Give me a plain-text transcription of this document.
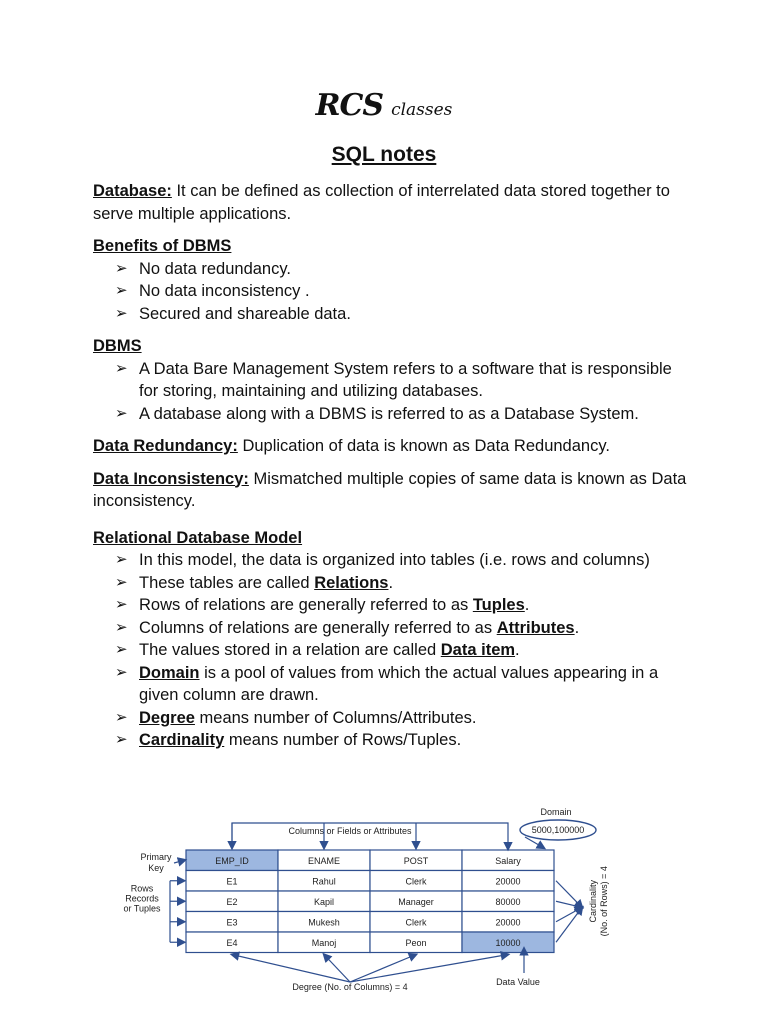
RCS classes
SQL notes

Database: It can be defined as collection of interrelated data stored together to serve multiple applications.

Benefits of DBMS

➢ No data redundancy.
➢ No data inconsistency .
➢ Secured and shareable data.

DBMS

➢ A Data Bare Management System refers to a software that is responsible for storing, maintaining and utilizing databases.
➢ A database along with a DBMS is referred to as a Database System.

Data Redundancy: Duplication of data is known as Data Redundancy.

Data Inconsistency: Mismatched multiple copies of same data is known as Data inconsistency.

Relational Database Model

➢ In this model, the data is organized into tables (i.e. rows and columns)
➢ These tables are called Relations.
➢ Rows of relations are generally referred to as Tuples.
➢ Columns of relations are generally referred to as Attributes.
➢ The values stored in a relation are called Data item.
➢ Domain is a pool of values from which the actual values appearing in a given column are drawn.
➢ Degree means number of Columns/Attributes.
➢ Cardinality means number of Rows/Tuples.
EMP_ID	ENAME	POST	Salary
E1	Rahul	Clerk	20000
E2	Kapil	Manager	80000
E3	Mukesh	Clerk	20000
E4	Manoj	Peon	10000
Columns or Fields or Attributes
Domain
5000,100000
Primary
Key
Rows
Records
or Tuples	Cardinality (No. of Rows) = 4
Degree (No. of Columns) = 4	Data Value
